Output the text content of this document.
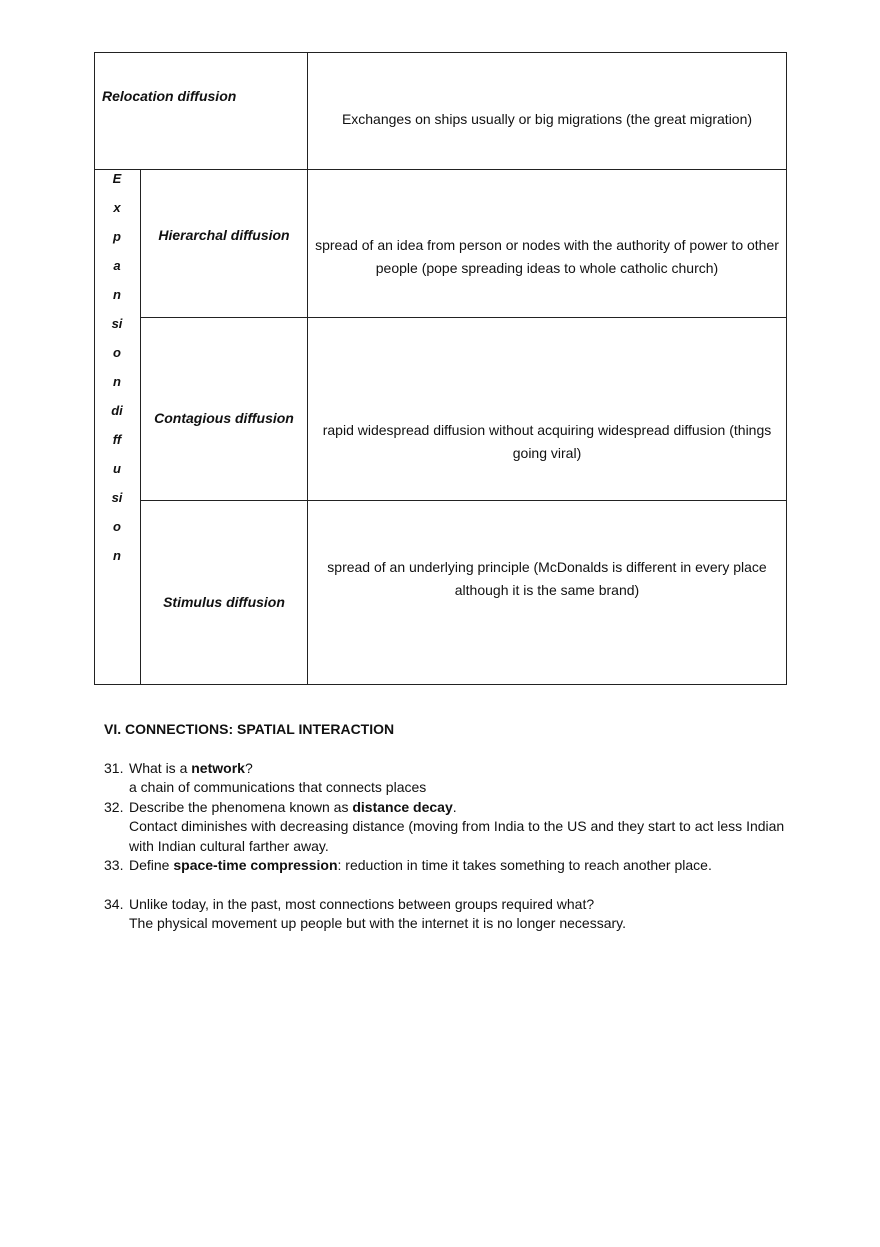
Relocation diffusion
Exchanges on ships usually or big migrations (the great migration)
E
x
p
a
n
si
o
n
di
ff
u
si
o
n
Hierarchal diffusion
spread of an idea from person or nodes with the authority of power to other people (pope spreading ideas to whole catholic church)
Contagious diffusion
rapid widespread diffusion without acquiring widespread diffusion (things going viral)
Stimulus diffusion
spread of an underlying principle (McDonalds is different in every place although it is the same brand)
VI. CONNECTIONS: SPATIAL INTERACTION
31. What is a network?
a chain of communications that connects places
32. Describe the phenomena known as distance decay.
Contact diminishes with decreasing distance (moving from India to the US and they start to act less Indian with Indian cultural farther away.
33. Define space-time compression: reduction in time it takes something to reach another place.
34. Unlike today, in the past, most connections between groups required what?
The physical movement up people but with the internet it is no longer necessary.
